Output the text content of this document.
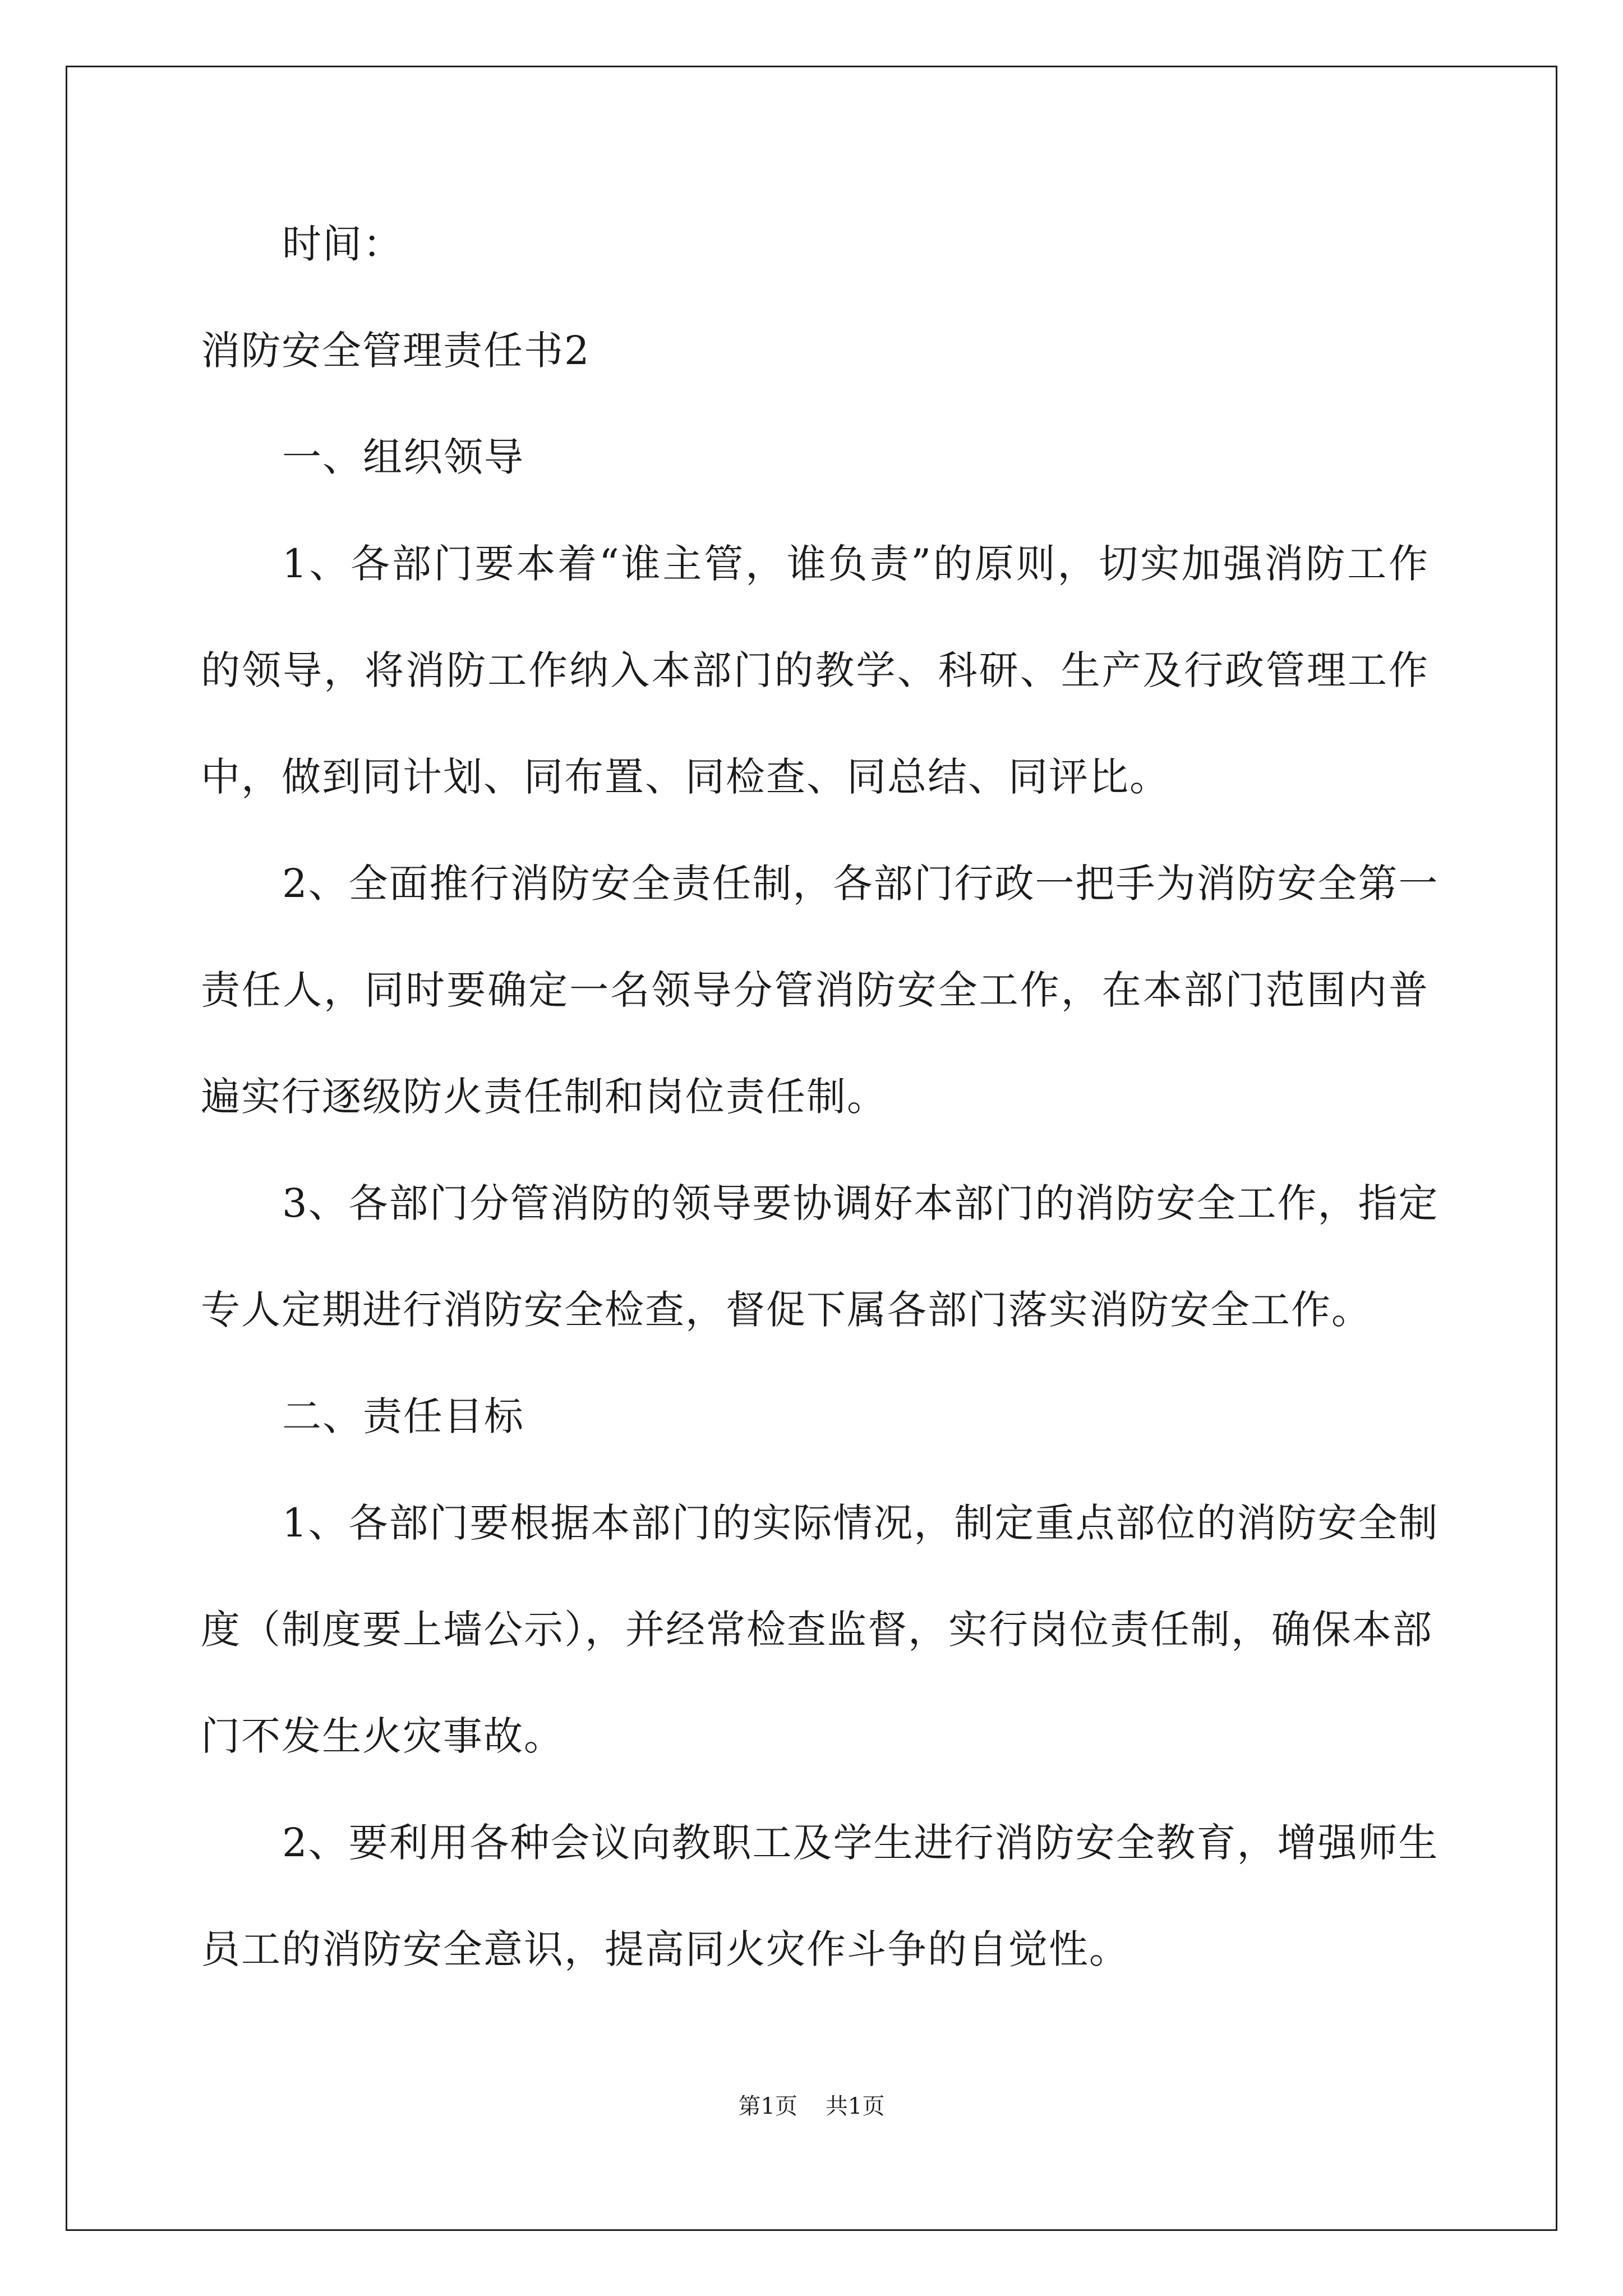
时间：
消防安全管理责任书2
一、组织领导
1、各部门要本着“谁主管，谁负责”的原则，切实加强消防工作
的领导，将消防工作纳入本部门的教学、科研、生产及行政管理工作
中，做到同计划、同布置、同检查、同总结、同评比。
2、全面推行消防安全责任制，各部门行政一把手为消防安全第一
责任人，同时要确定一名领导分管消防安全工作，在本部门范围内普
遍实行逐级防火责任制和岗位责任制。
3、各部门分管消防的领导要协调好本部门的消防安全工作，指定
专人定期进行消防安全检查，督促下属各部门落实消防安全工作。
二、责任目标
1、各部门要根据本部门的实际情况，制定重点部位的消防安全制
度（制度要上墙公示），并经常检查监督，实行岗位责任制，确保本部
门不发生火灾事故。
2、要利用各种会议向教职工及学生进行消防安全教育，增强师生
员工的消防安全意识，提高同火灾作斗争的自觉性。
第1页 共1页
